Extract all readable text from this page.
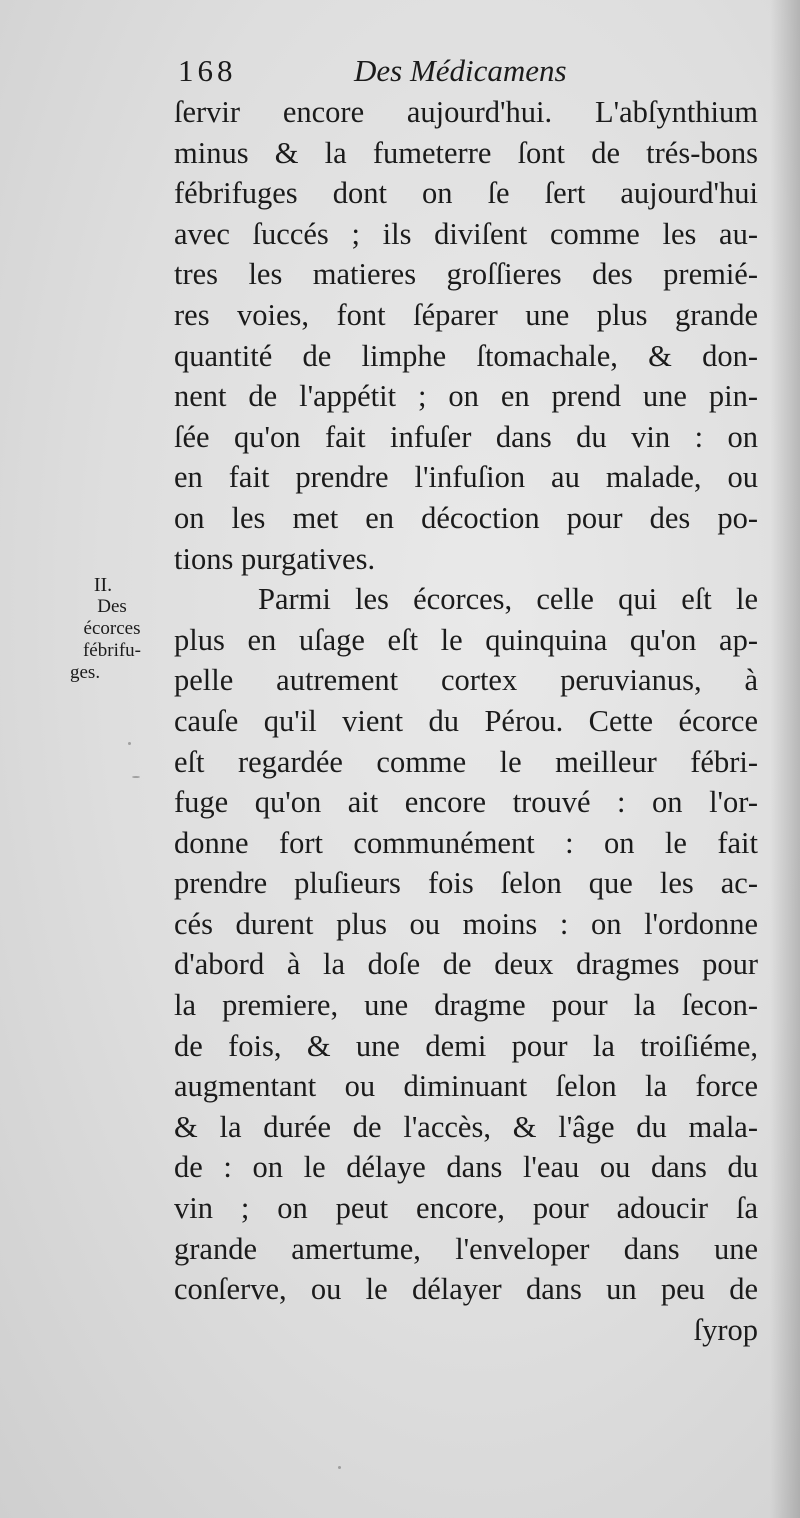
168	Des Médicamens
II.
Des
écorces
fébrifu-
ges.
ſervir encore aujourd'hui. L'abſynthium
minus & la fumeterre ſont de trés-bons
fébrifuges dont on ſe ſert aujourd'hui
avec ſuccés ; ils diviſent comme les au-
tres les matieres groſſieres des premié-
res voies, font ſéparer une plus grande
quantité de limphe ſtomachale, & don-
nent de l'appétit ; on en prend une pin-
ſée qu'on fait infuſer dans du vin : on
en fait prendre l'infuſion au malade, ou
on les met en décoction pour des po-
tions purgatives.
Parmi les écorces, celle qui eſt le
plus en uſage eſt le quinquina qu'on ap-
pelle autrement cortex peruvianus, à
cauſe qu'il vient du Pérou. Cette écorce
eſt regardée comme le meilleur fébri-
fuge qu'on ait encore trouvé : on l'or-
donne fort communément : on le fait
prendre pluſieurs fois ſelon que les ac-
cés durent plus ou moins : on l'ordonne
d'abord à la doſe de deux dragmes pour
la premiere, une dragme pour la ſecon-
de fois, & une demi pour la troiſiéme,
augmentant ou diminuant ſelon la force
& la durée de l'accès, & l'âge du mala-
de : on le délaye dans l'eau ou dans du
vin ; on peut encore, pour adoucir ſa
grande amertume, l'enveloper dans une
conſerve, ou le délayer dans un peu de
ſyrop
